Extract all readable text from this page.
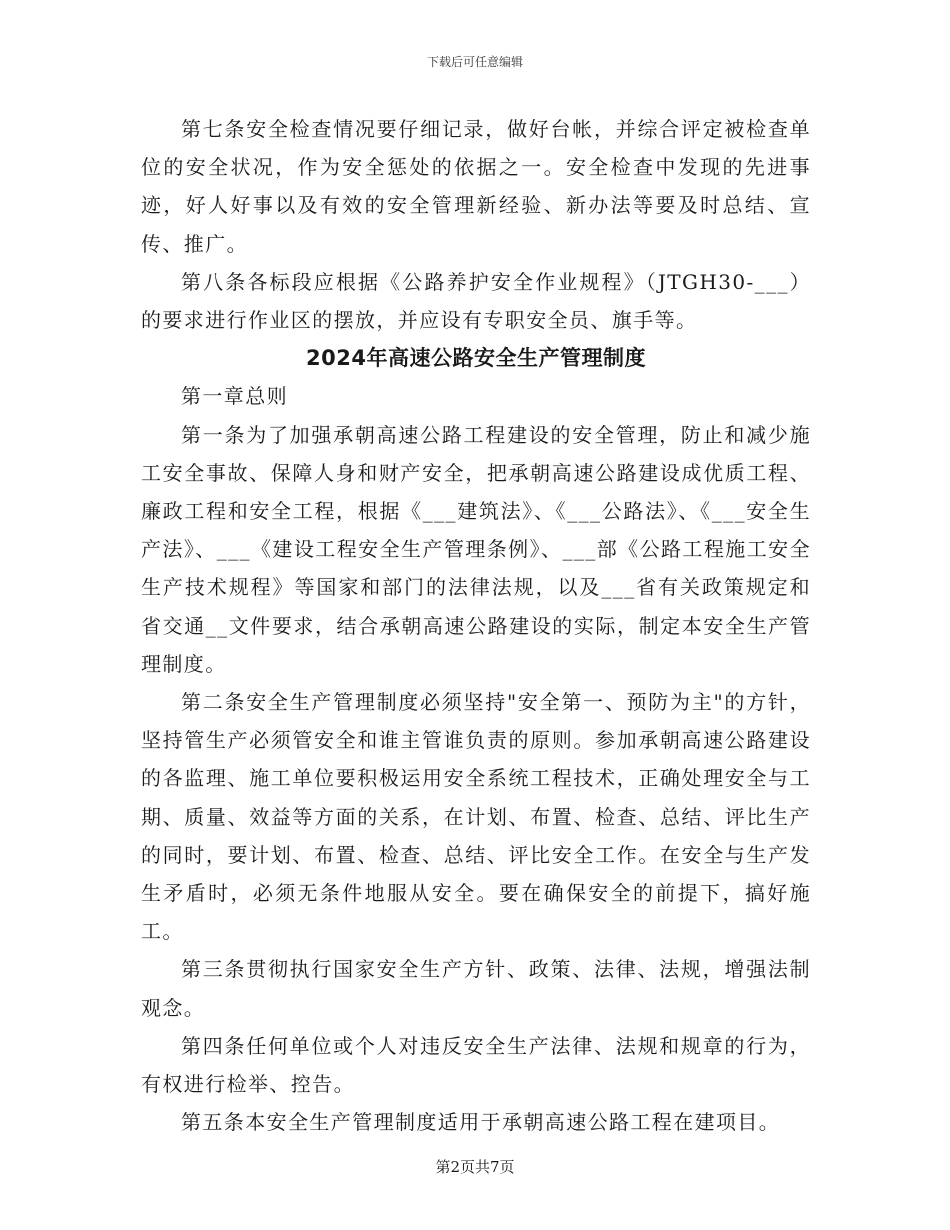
下载后可任意编辑

第七条安全检查情况要仔细记录，做好台帐，并综合评定被检查单位的安全状况，作为安全惩处的依据之一。安全检查中发现的先进事迹，好人好事以及有效的安全管理新经验、新办法等要及时总结、宣传、推广。

第八条各标段应根据《公路养护安全作业规程》（JTGH30-___）的要求进行作业区的摆放，并应设有专职安全员、旗手等。

2024年高速公路安全生产管理制度

第一章总则

第一条为了加强承朝高速公路工程建设的安全管理，防止和减少施工安全事故、保障人身和财产安全，把承朝高速公路建设成优质工程、廉政工程和安全工程，根据《___建筑法》、《___公路法》、《___安全生产法》、___《建设工程安全生产管理条例》、___部《公路工程施工安全生产技术规程》等国家和部门的法律法规，以及___省有关政策规定和省交通__文件要求，结合承朝高速公路建设的实际，制定本安全生产管理制度。

第二条安全生产管理制度必须坚持"安全第一、预防为主"的方针，坚持管生产必须管安全和谁主管谁负责的原则。参加承朝高速公路建设的各监理、施工单位要积极运用安全系统工程技术，正确处理安全与工期、质量、效益等方面的关系，在计划、布置、检查、总结、评比生产的同时，要计划、布置、检查、总结、评比安全工作。在安全与生产发生矛盾时，必须无条件地服从安全。要在确保安全的前提下，搞好施工。

第三条贯彻执行国家安全生产方针、政策、法律、法规，增强法制观念。

第四条任何单位或个人对违反安全生产法律、法规和规章的行为，有权进行检举、控告。

第五条本安全生产管理制度适用于承朝高速公路工程在建项目。

第2页共7页
